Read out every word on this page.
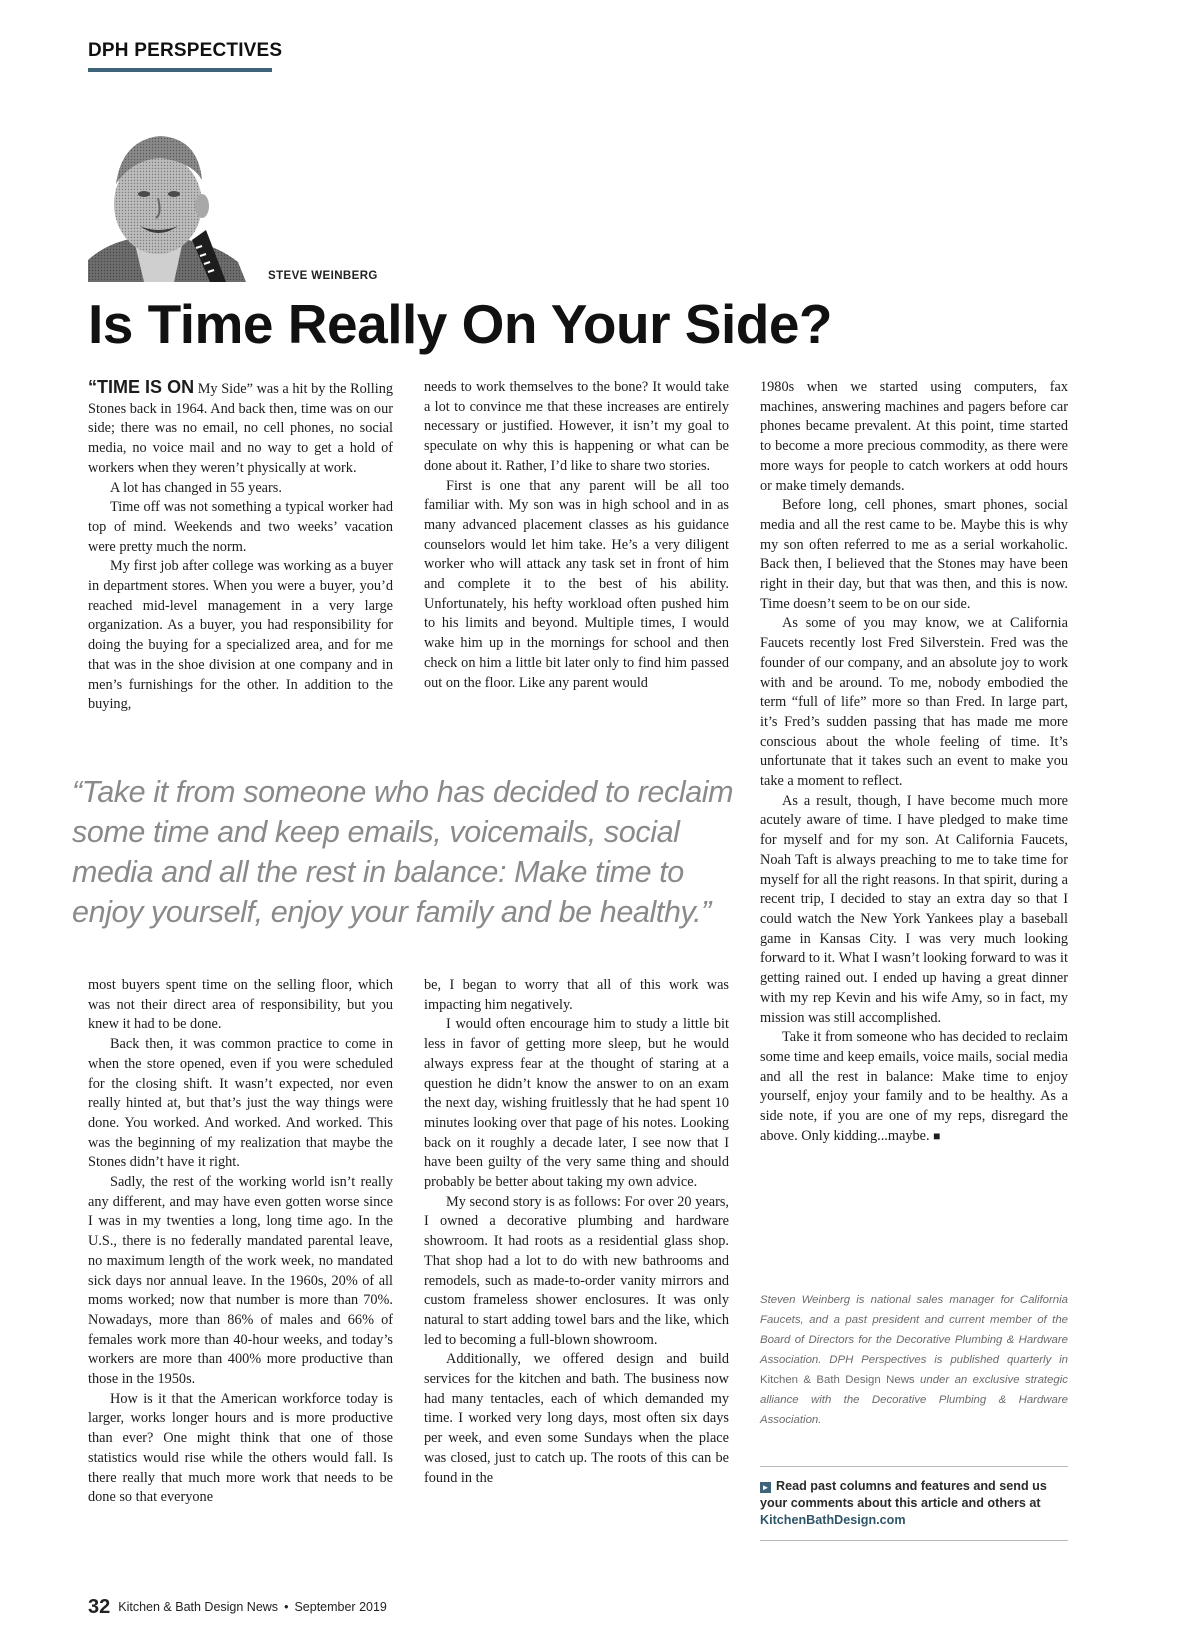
DPH PERSPECTIVES
STEVE WEINBERG
Is Time Really On Your Side?

“TIME IS ON My Side” was a hit by the Rolling Stones back in 1964. And back then, time was on our side; there was no email, no cell phones, no social media, no voice mail and no way to get a hold of workers when they weren’t physically at work.

A lot has changed in 55 years.

Time off was not something a typical worker had top of mind. Weekends and two weeks’ vacation were pretty much the norm.

My first job after college was working as a buyer in department stores. When you were a buyer, you’d reached mid-level management in a very large organization. As a buyer, you had responsibility for doing the buying for a specialized area, and for me that was in the shoe division at one company and in men’s furnishings for the other. In addition to the buying,

needs to work themselves to the bone? It would take a lot to convince me that these increases are entirely necessary or justified. However, it isn’t my goal to speculate on why this is happening or what can be done about it. Rather, I’d like to share two stories.

First is one that any parent will be all too familiar with. My son was in high school and in as many advanced placement classes as his guidance counselors would let him take. He’s a very diligent worker who will attack any task set in front of him and complete it to the best of his ability. Unfortunately, his hefty workload often pushed him to his limits and beyond. Multiple times, I would wake him up in the mornings for school and then check on him a little bit later only to find him passed out on the floor. Like any parent would

“Take it from someone who has decided to reclaim some time and keep emails, voicemails, social media and all the rest in balance: Make time to enjoy yourself, enjoy your family and be healthy.”

most buyers spent time on the selling floor, which was not their direct area of responsibility, but you knew it had to be done.

Back then, it was common practice to come in when the store opened, even if you were scheduled for the closing shift. It wasn’t expected, nor even really hinted at, but that’s just the way things were done. You worked. And worked. And worked. This was the beginning of my realization that maybe the Stones didn’t have it right.

Sadly, the rest of the working world isn’t really any different, and may have even gotten worse since I was in my twenties a long, long time ago. In the U.S., there is no federally mandated parental leave, no maximum length of the work week, no mandated sick days nor annual leave. In the 1960s, 20% of all moms worked; now that number is more than 70%. Nowadays, more than 86% of males and 66% of females work more than 40-hour weeks, and today’s workers are more than 400% more productive than those in the 1950s.

How is it that the American workforce today is larger, works longer hours and is more productive than ever? One might think that one of those statistics would rise while the others would fall. Is there really that much more work that needs to be done so that everyone

be, I began to worry that all of this work was impacting him negatively.

I would often encourage him to study a little bit less in favor of getting more sleep, but he would always express fear at the thought of staring at a question he didn’t know the answer to on an exam the next day, wishing fruitlessly that he had spent 10 minutes looking over that page of his notes. Looking back on it roughly a decade later, I see now that I have been guilty of the very same thing and should probably be better about taking my own advice.

My second story is as follows: For over 20 years, I owned a decorative plumbing and hardware showroom. It had roots as a residential glass shop. That shop had a lot to do with new bathrooms and remodels, such as made-to-order vanity mirrors and custom frameless shower enclosures. It was only natural to start adding towel bars and the like, which led to becoming a full-blown showroom.

Additionally, we offered design and build services for the kitchen and bath. The business now had many tentacles, each of which demanded my time. I worked very long days, most often six days per week, and even some Sundays when the place was closed, just to catch up. The roots of this can be found in the

1980s when we started using computers, fax machines, answering machines and pagers before car phones became prevalent. At this point, time started to become a more precious commodity, as there were more ways for people to catch workers at odd hours or make timely demands.

Before long, cell phones, smart phones, social media and all the rest came to be. Maybe this is why my son often referred to me as a serial workaholic. Back then, I believed that the Stones may have been right in their day, but that was then, and this is now. Time doesn’t seem to be on our side.

As some of you may know, we at California Faucets recently lost Fred Silverstein. Fred was the founder of our company, and an absolute joy to work with and be around. To me, nobody embodied the term “full of life” more so than Fred. In large part, it’s Fred’s sudden passing that has made me more conscious about the whole feeling of time. It’s unfortunate that it takes such an event to make you take a moment to reflect.

As a result, though, I have become much more acutely aware of time. I have pledged to make time for myself and for my son. At California Faucets, Noah Taft is always preaching to me to take time for myself for all the right reasons. In that spirit, during a recent trip, I decided to stay an extra day so that I could watch the New York Yankees play a baseball game in Kansas City. I was very much looking forward to it. What I wasn’t looking forward to was it getting rained out. I ended up having a great dinner with my rep Kevin and his wife Amy, so in fact, my mission was still accomplished.

Take it from someone who has decided to reclaim some time and keep emails, voice mails, social media and all the rest in balance: Make time to enjoy yourself, enjoy your family and to be healthy. As a side note, if you are one of my reps, disregard the above. Only kidding...maybe. ■

Steven Weinberg is national sales manager for California Faucets, and a past president and current member of the Board of Directors for the Decorative Plumbing & Hardware Association. DPH Perspectives is published quarterly in Kitchen & Bath Design News under an exclusive strategic alliance with the Decorative Plumbing & Hardware Association.
► Read past columns and features and send us your comments about this article and others at KitchenBathDesign.com
32 Kitchen & Bath Design News • September 2019
